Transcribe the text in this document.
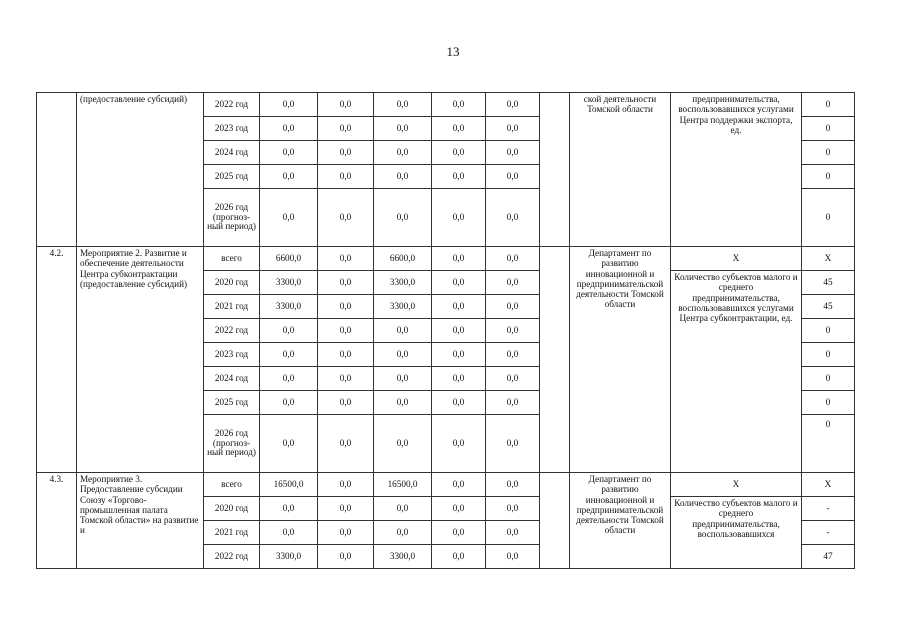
13
	(предоставление субсидий)	2022 год	0,0	0,0	0,0	0,0	0,0		ской деятельности Томской области	предпринимательства, воспользовавшихся услугами Центра поддержки экспорта, ед.	0
		2023 год	0,0	0,0	0,0	0,0	0,0				0
		2024 год	0,0	0,0	0,0	0,0	0,0				0
		2025 год	0,0	0,0	0,0	0,0	0,0				0
		2026 год (прогноз-ный период)	0,0	0,0	0,0	0,0	0,0				0
4.2.	Мероприятие 2. Развитие и обеспечение деятельности Центра субконтрактации (предоставление субсидий)	всего	6600,0	0,0	6600,0	0,0	0,0		Департамент по развитию инновационной и предпринимательской деятельности Томской области	Х	Х
		2020 год	3300,0	0,0	3300,0	0,0	0,0			Количество субъектов малого и среднего предпринимательства, воспользовавшихся услугами Центра субконтрактации, ед.	45
		2021 год	3300,0	0,0	3300,0	0,0	0,0				45
		2022 год	0,0	0,0	0,0	0,0	0,0				0
		2023 год	0,0	0,0	0,0	0,0	0,0				0
		2024 год	0,0	0,0	0,0	0,0	0,0				0
		2025 год	0,0	0,0	0,0	0,0	0,0				0
		2026 год (прогноз-ный период)	0,0	0,0	0,0	0,0	0,0				0
4.3.	Мероприятие 3. Предоставление субсидии Союзу «Торгово-промышленная палата Томской области» на развитие и	всего	16500,0	0,0	16500,0	0,0	0,0		Департамент по развитию инновационной и предпринимательской деятельности Томской области	Х	Х
		2020 год	0,0	0,0	0,0	0,0	0,0			Количество субъектов малого и среднего предпринимательства, воспользовавшихся	-
		2021 год	0,0	0,0	0,0	0,0	0,0				-
		2022 год	3300,0	0,0	3300,0	0,0	0,0				47
